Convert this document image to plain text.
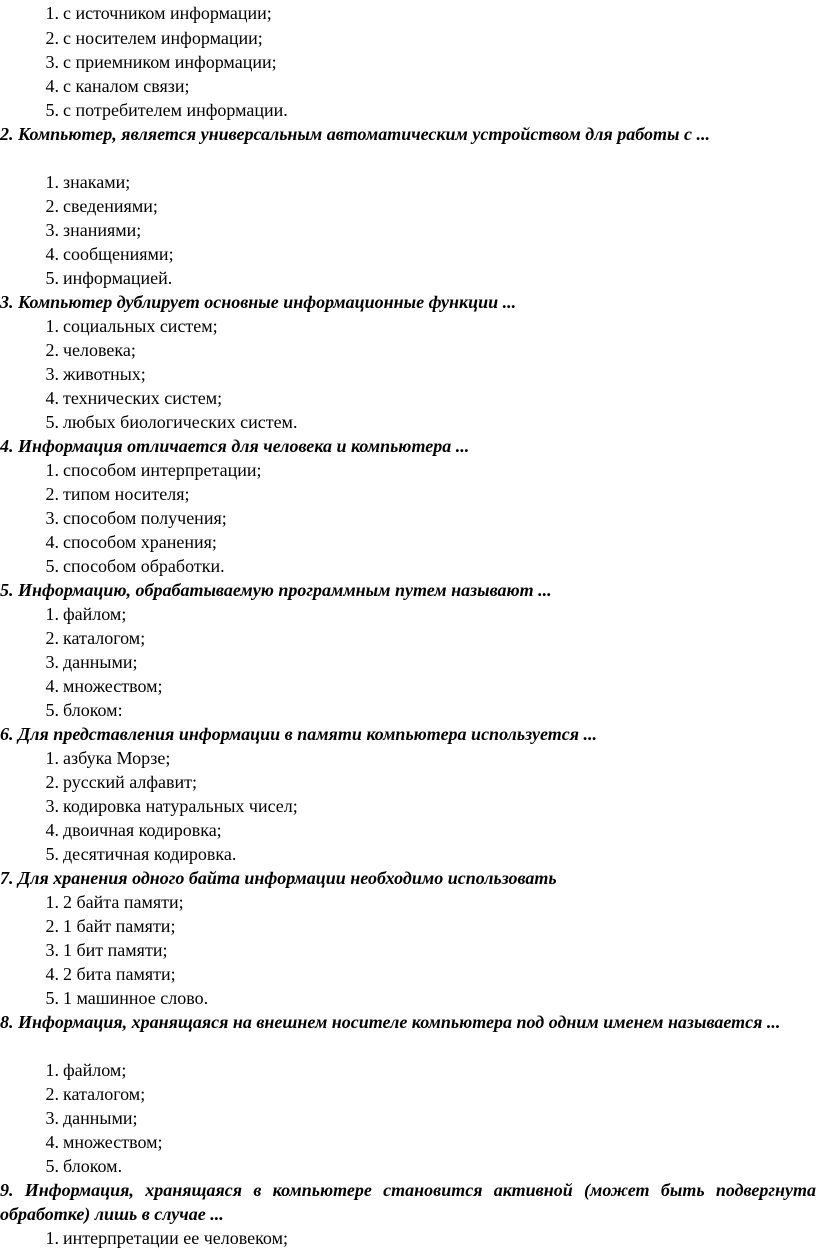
1. с источником информации;
2. с носителем информации;
3. с приемником информации;
4. с каналом связи;
5. с потребителем информации.
2. Компьютер, является универсальным автоматическим устройством для работы с ...
1. знаками;
2. сведениями;
3. знаниями;
4. сообщениями;
5. информацией.
3. Компьютер дублирует основные информационные функции ...
1. социальных систем;
2. человека;
3. животных;
4. технических систем;
5. любых биологических систем.
4. Информация отличается для человека и компьютера ...
1. способом интерпретации;
2. типом носителя;
3. способом получения;
4. способом хранения;
5. способом обработки.
5. Информацию, обрабатываемую программным путем называют ...
1. файлом;
2. каталогом;
3. данными;
4. множеством;
5. блоком:
6. Для представления информации в памяти компьютера используется ...
1. азбука Морзе;
2. русский алфавит;
3. кодировка натуральных чисел;
4. двоичная кодировка;
5. десятичная кодировка.
7. Для хранения одного байта информации необходимо использовать
1. 2 байта памяти;
2. 1 байт памяти;
3. 1 бит памяти;
4. 2 бита памяти;
5. 1 машинное слово.
8. Информация, хранящаяся на внешнем носителе компьютера под одним именем называется ...
1. файлом;
2. каталогом;
3. данными;
4. множеством;
5. блоком.
9. Информация, хранящаяся в компьютере становится активной (может быть подвергнута обработке) лишь в случае ...
1. интерпретации ее человеком;
